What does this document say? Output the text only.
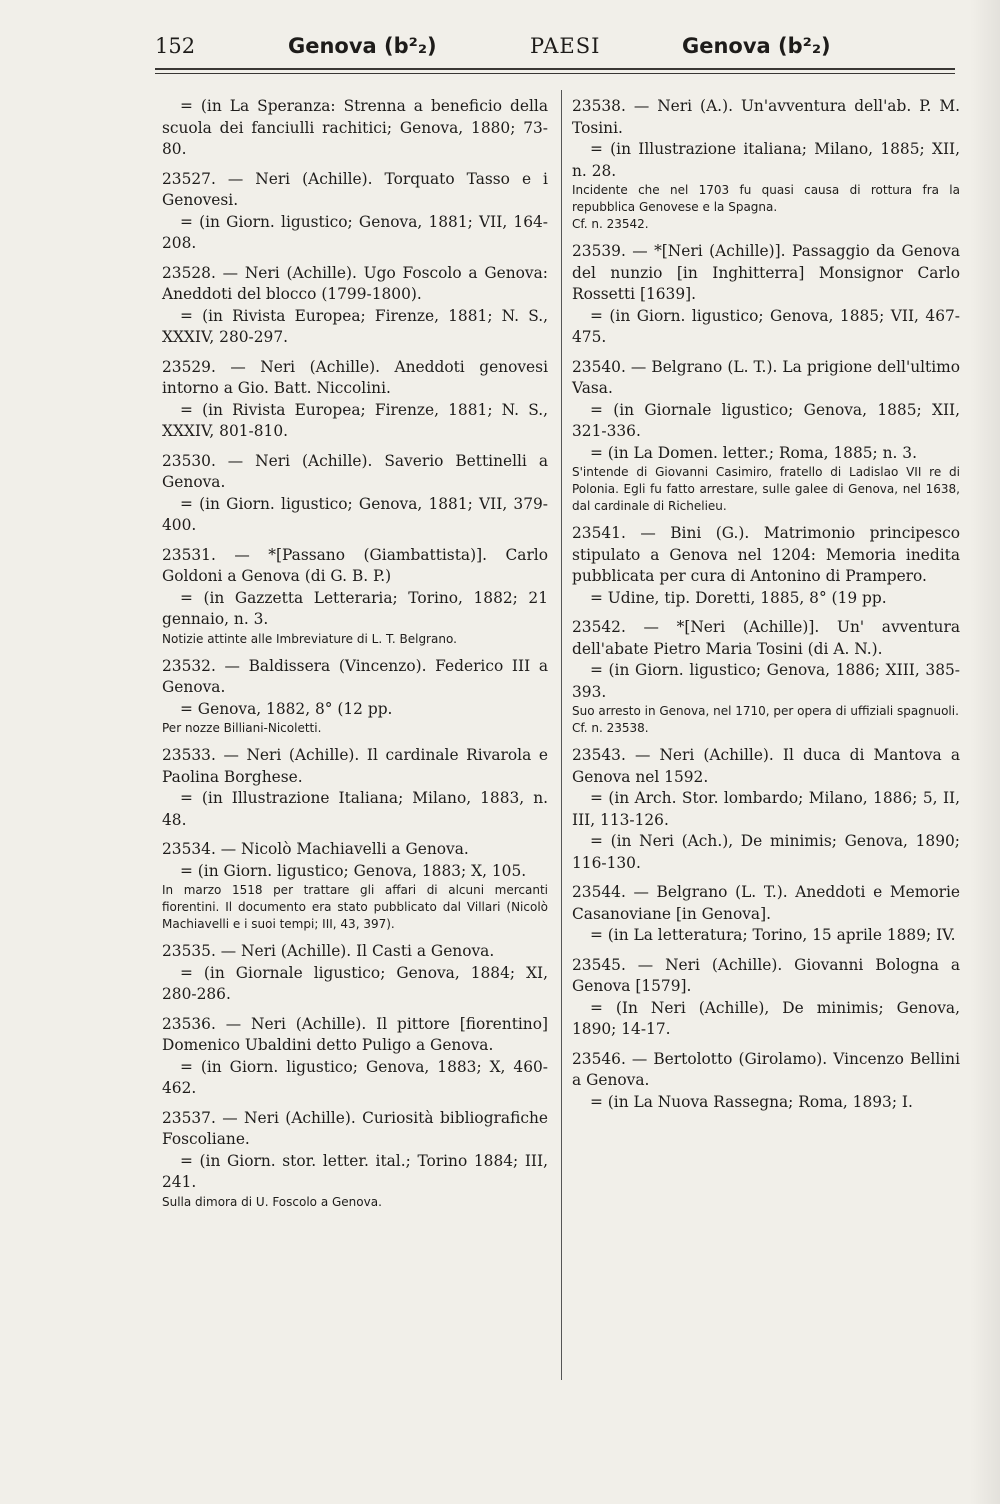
152	Genova (b²₂)	PAESI	Genova (b²₂)

= (in La Speranza: Strenna a beneficio della scuola dei fanciulli rachitici; Genova, 1880; 73-80.

23527. — Neri (Achille). Torquato Tasso e i Genovesi.

= (in Giorn. ligustico; Genova, 1881; VII, 164-208.

23528. — Neri (Achille). Ugo Foscolo a Genova: Aneddoti del blocco (1799-1800).

= (in Rivista Europea; Firenze, 1881; N. S., XXXIV, 280-297.

23529. — Neri (Achille). Aneddoti genovesi intorno a Gio. Batt. Niccolini.

= (in Rivista Europea; Firenze, 1881; N. S., XXXIV, 801-810.

23530. — Neri (Achille). Saverio Bettinelli a Genova.

= (in Giorn. ligustico; Genova, 1881; VII, 379-400.

23531. — *[Passano (Giambattista)]. Carlo Goldoni a Genova (di G. B. P.)

= (in Gazzetta Letteraria; Torino, 1882; 21 gennaio, n. 3.

Notizie attinte alle Imbreviature di L. T. Belgrano.

23532. — Baldissera (Vincenzo). Federico III a Genova.

= Genova, 1882, 8° (12 pp.

Per nozze Billiani-Nicoletti.

23533. — Neri (Achille). Il cardinale Rivarola e Paolina Borghese.

= (in Illustrazione Italiana; Milano, 1883, n. 48.

23534. — Nicolò Machiavelli a Genova.

= (in Giorn. ligustico; Genova, 1883; X, 105.

In marzo 1518 per trattare gli affari di alcuni mercanti fiorentini. Il documento era stato pubblicato dal Villari (Nicolò Machiavelli e i suoi tempi; III, 43, 397).

23535. — Neri (Achille). Il Casti a Genova.

= (in Giornale ligustico; Genova, 1884; XI, 280-286.

23536. — Neri (Achille). Il pittore [fiorentino] Domenico Ubaldini detto Puligo a Genova.

= (in Giorn. ligustico; Genova, 1883; X, 460-462.

23537. — Neri (Achille). Curiosità bibliografiche Foscoliane.

= (in Giorn. stor. letter. ital.; Torino 1884; III, 241.

Sulla dimora di U. Foscolo a Genova.

23538. — Neri (A.). Un'avventura dell'ab. P. M. Tosini.

= (in Illustrazione italiana; Milano, 1885; XII, n. 28.

Incidente che nel 1703 fu quasi causa di rottura fra la repubblica Genovese e la Spagna.

Cf. n. 23542.

23539. — *[Neri (Achille)]. Passaggio da Genova del nunzio [in Inghitterra] Monsignor Carlo Rossetti [1639].

= (in Giorn. ligustico; Genova, 1885; VII, 467-475.

23540. — Belgrano (L. T.). La prigione dell'ultimo Vasa.

= (in Giornale ligustico; Genova, 1885; XII, 321-336.

= (in La Domen. letter.; Roma, 1885; n. 3.

S'intende di Giovanni Casimiro, fratello di Ladislao VII re di Polonia. Egli fu fatto arrestare, sulle galee di Genova, nel 1638, dal cardinale di Richelieu.

23541. — Bini (G.). Matrimonio principesco stipulato a Genova nel 1204: Memoria inedita pubblicata per cura di Antonino di Prampero.

= Udine, tip. Doretti, 1885, 8° (19 pp.

23542. — *[Neri (Achille)]. Un' avventura dell'abate Pietro Maria Tosini (di A. N.).

= (in Giorn. ligustico; Genova, 1886; XIII, 385-393.

Suo arresto in Genova, nel 1710, per opera di uffiziali spagnuoli.

Cf. n. 23538.

23543. — Neri (Achille). Il duca di Mantova a Genova nel 1592.

= (in Arch. Stor. lombardo; Milano, 1886; 5, II, III, 113-126.

= (in Neri (Ach.), De minimis; Genova, 1890; 116-130.

23544. — Belgrano (L. T.). Aneddoti e Memorie Casanoviane [in Genova].

= (in La letteratura; Torino, 15 aprile 1889; IV.

23545. — Neri (Achille). Giovanni Bologna a Genova [1579].

= (In Neri (Achille), De minimis; Genova, 1890; 14-17.

23546. — Bertolotto (Girolamo). Vincenzo Bellini a Genova.

= (in La Nuova Rassegna; Roma, 1893; I.
